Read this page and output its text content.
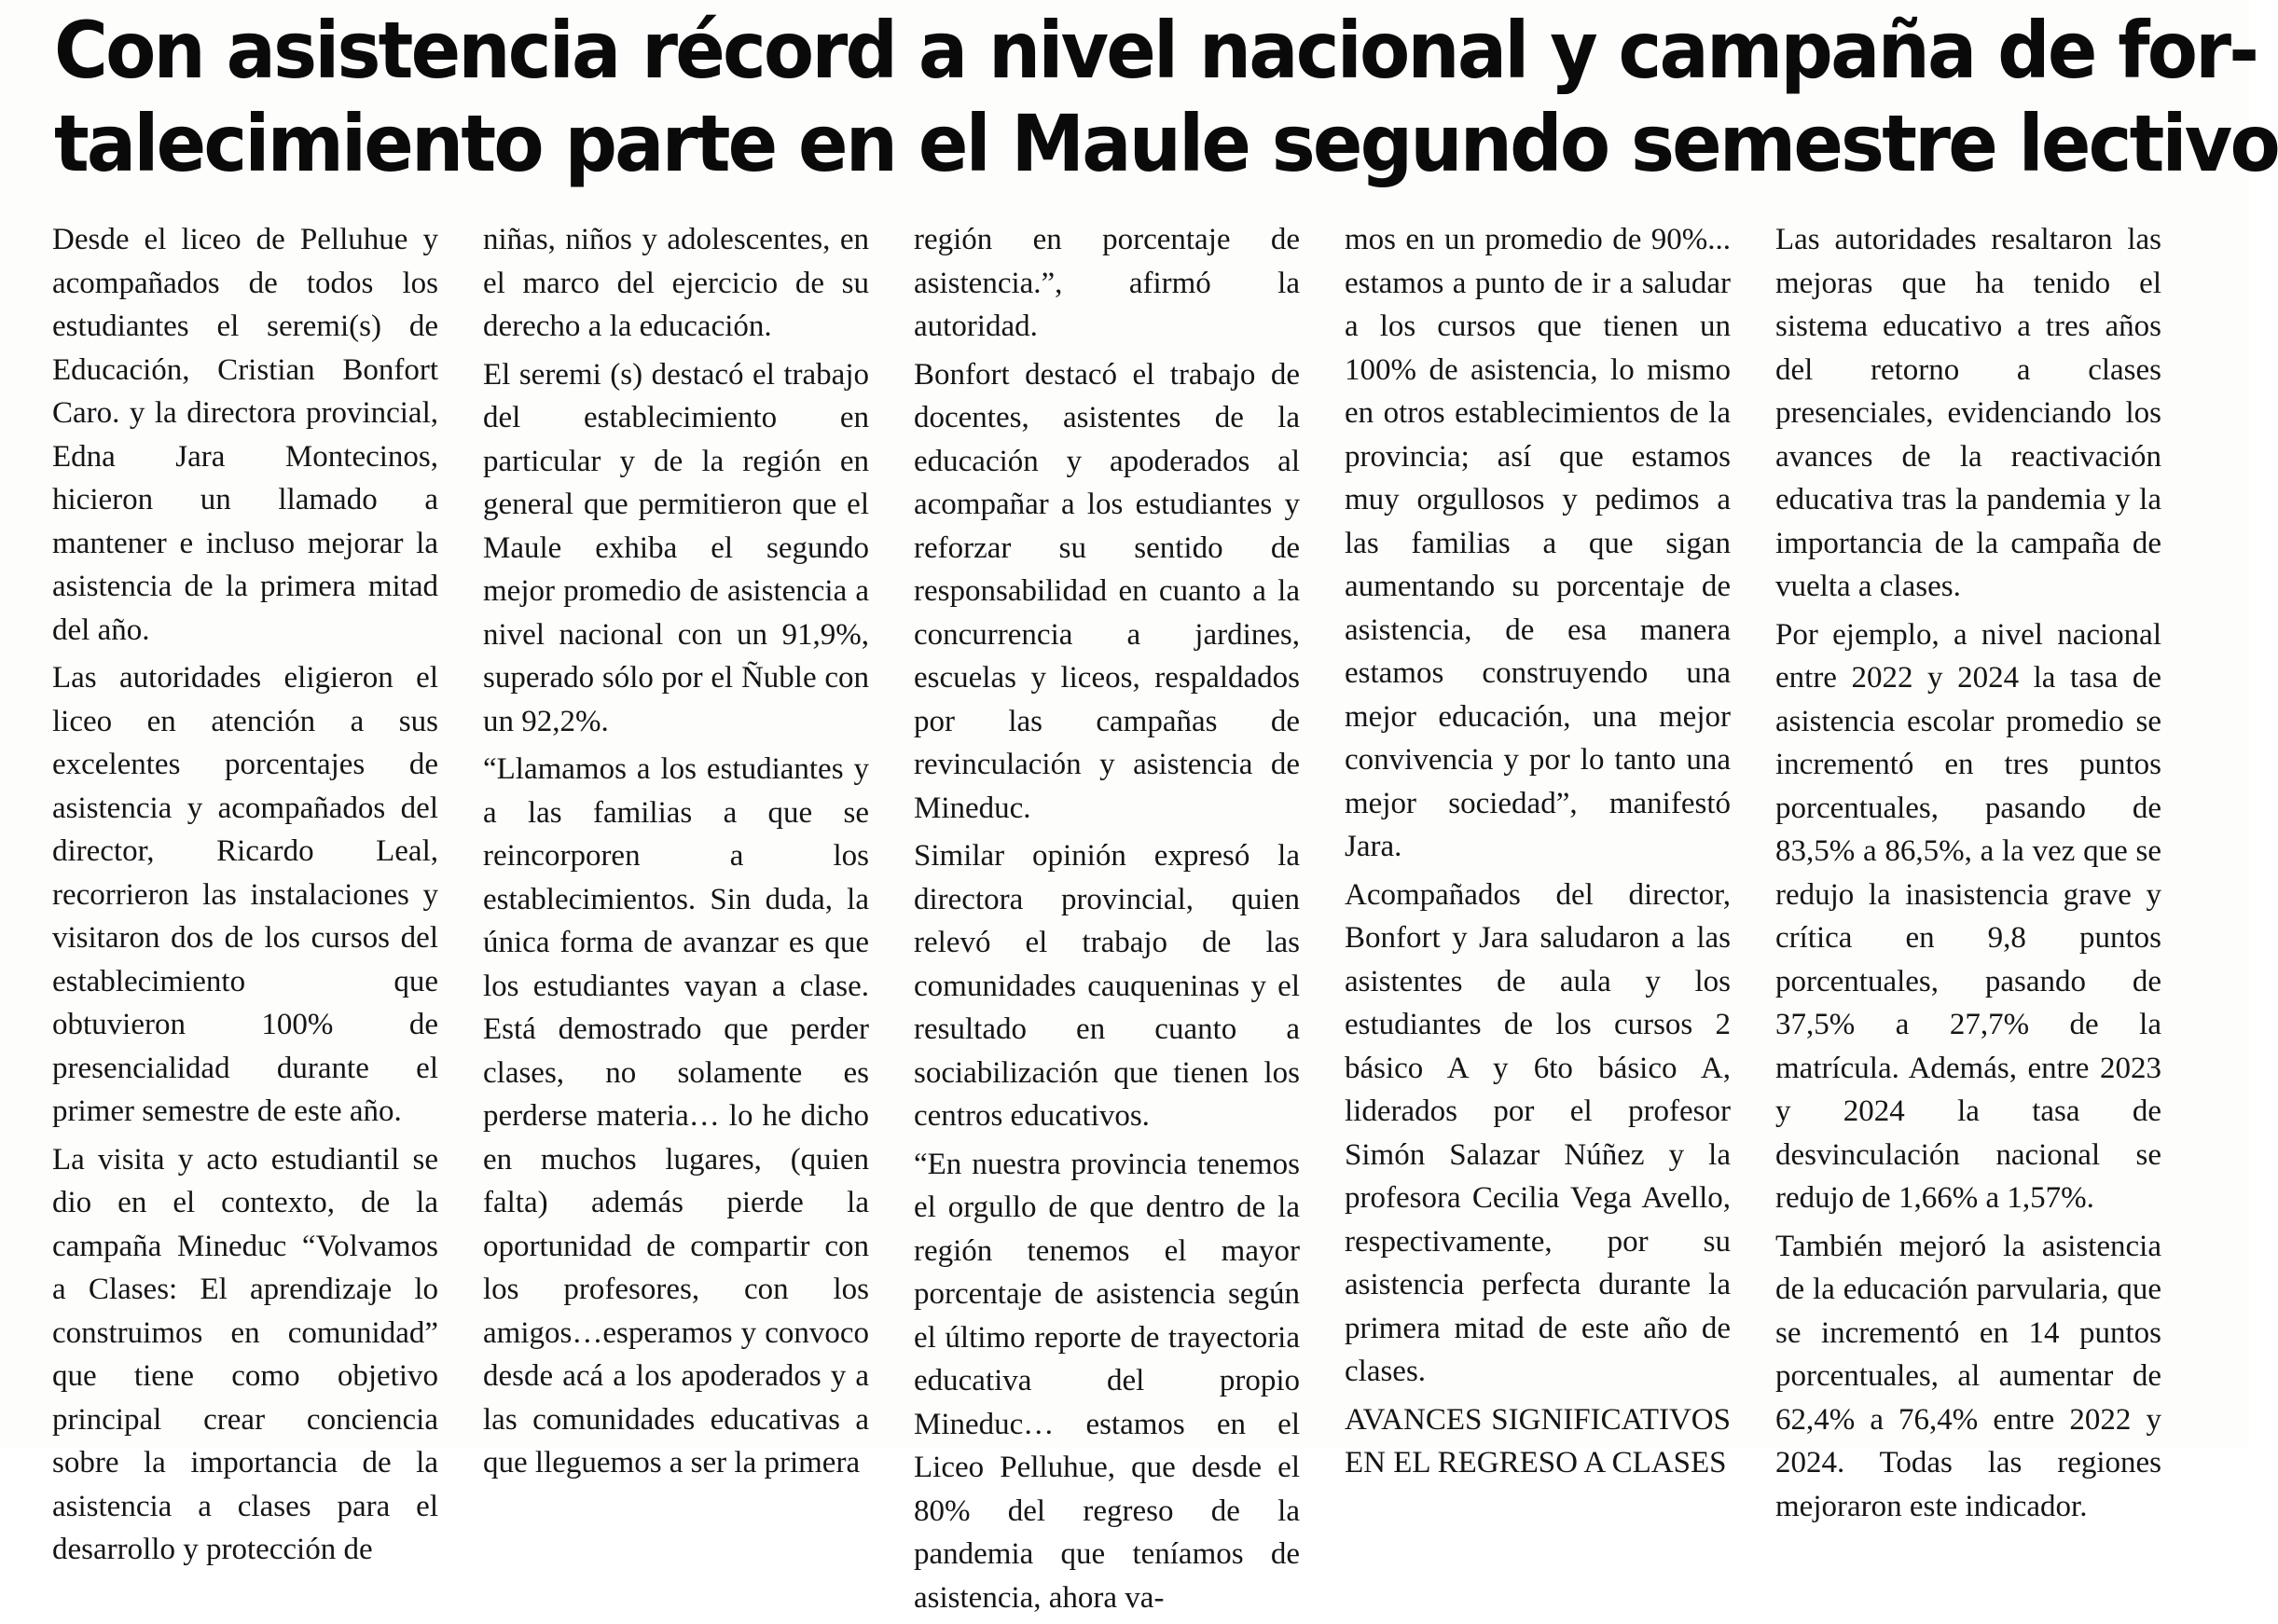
Con asistencia récord a nivel nacional y campaña de for-
talecimiento parte en el Maule segundo semestre lectivo

Desde el liceo de Pelluhue y acompañados de todos los estudiantes el seremi(s) de Educación, Cristian Bonfort Caro. y la directora provincial, Edna Jara Montecinos, hicieron un llamado a mantener e incluso mejorar la asistencia de la primera mitad del año.

Las autoridades eligieron el liceo en atención a sus excelentes porcentajes de asistencia y acompañados del director, Ricardo Leal, recorrieron las instalaciones y visitaron dos de los cursos del establecimiento que obtuvieron 100% de presencialidad durante el primer semestre de este año.

La visita y acto estudiantil se dio en el contexto, de la campaña Mineduc “Volvamos a Clases: El aprendizaje lo construimos en comunidad” que tiene como objetivo principal crear conciencia sobre la importancia de la asistencia a clases para el desarrollo y protección de

niñas, niños y adolescentes, en el marco del ejercicio de su derecho a la educación.

El seremi (s) destacó el trabajo del establecimiento en particular y de la región en general que permitieron que el Maule exhiba el segundo mejor promedio de asistencia a nivel nacional con un 91,9%, superado sólo por el Ñuble con un 92,2%.

“Llamamos a los estudiantes y a las familias a que se reincorporen a los establecimientos. Sin duda, la única forma de avanzar es que los estudiantes vayan a clase. Está demostrado que perder clases, no solamente es perderse materia… lo he dicho en muchos lugares, (quien falta) además pierde la oportunidad de compartir con los profesores, con los amigos…esperamos y convoco desde acá a los apoderados y a las comunidades educativas a que lleguemos a ser la primera

región en porcentaje de asistencia.”, afirmó la autoridad.

Bonfort destacó el trabajo de docentes, asistentes de la educación y apoderados al acompañar a los estudiantes y reforzar su sentido de responsabilidad en cuanto a la concurrencia a jardines, escuelas y liceos, respaldados por las campañas de revinculación y asistencia de Mineduc.

Similar opinión expresó la directora provincial, quien relevó el trabajo de las comunidades cauqueninas y el resultado en cuanto a sociabilización que tienen los centros educativos.

“En nuestra provincia tenemos el orgullo de que dentro de la región tenemos el mayor porcentaje de asistencia según el último reporte de trayectoria educativa del propio Mineduc… estamos en el Liceo Pelluhue, que desde el 80% del regreso de la pandemia que teníamos de asistencia, ahora va-

mos en un promedio de 90%... estamos a punto de ir a saludar a los cursos que tienen un 100% de asistencia, lo mismo en otros establecimientos de la provincia; así que estamos muy orgullosos y pedimos a las familias a que sigan aumentando su porcentaje de asistencia, de esa manera estamos construyendo una mejor educación, una mejor convivencia y por lo tanto una mejor sociedad”, manifestó Jara.

Acompañados del director, Bonfort y Jara saludaron a las asistentes de aula y los estudiantes de los cursos 2 básico A y 6to básico A, liderados por el profesor Simón Salazar Núñez y la profesora Cecilia Vega Avello, respectivamente, por su asistencia perfecta durante la primera mitad de este año de clases.

AVANCES SIGNIFICATIVOS EN EL REGRESO A CLASES

Las autoridades resaltaron las mejoras que ha tenido el sistema educativo a tres años del retorno a clases presenciales, evidenciando los avances de la reactivación educativa tras la pandemia y la importancia de la campaña de vuelta a clases.

Por ejemplo, a nivel nacional entre 2022 y 2024 la tasa de asistencia escolar promedio se incrementó en tres puntos porcentuales, pasando de 83,5% a 86,5%, a la vez que se redujo la inasistencia grave y crítica en 9,8 puntos porcentuales, pasando de 37,5% a 27,7% de la matrícula. Además, entre 2023 y 2024 la tasa de desvinculación nacional se redujo de 1,66% a 1,57%.

También mejoró la asistencia de la educación parvularia, que se incrementó en 14 puntos porcentuales, al aumentar de 62,4% a 76,4% entre 2022 y 2024. Todas las regiones mejoraron este indicador.
